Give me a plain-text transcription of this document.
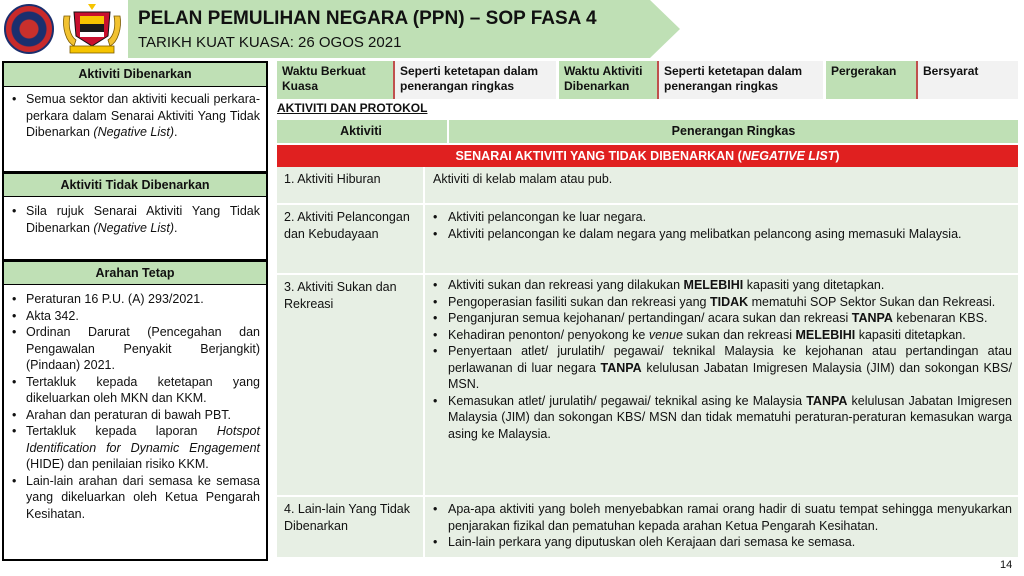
PELAN PEMULIHAN NEGARA (PPN) – SOP FASA 4
TARIKH KUAT KUASA: 26 OGOS 2021
Aktiviti Dibenarkan
• Semua sektor dan aktiviti kecuali perkara-perkara dalam Senarai Aktiviti Yang Tidak Dibenarkan (Negative List).
Aktiviti Tidak Dibenarkan
• Sila rujuk Senarai Aktiviti Yang Tidak Dibenarkan (Negative List).
Arahan Tetap
• Peraturan 16 P.U. (A) 293/2021.
• Akta 342.
• Ordinan Darurat (Pencegahan dan Pengawalan Penyakit Berjangkit) (Pindaan) 2021.
• Tertakluk kepada ketetapan yang dikeluarkan oleh MKN dan KKM.
• Arahan dan peraturan di bawah PBT.
• Tertakluk kepada laporan Hotspot Identification for Dynamic Engagement (HIDE) dan penilaian risiko KKM.
• Lain-lain arahan dari semasa ke semasa yang dikeluarkan oleh Ketua Pengarah Kesihatan.
Waktu Berkuat Kuasa
Seperti ketetapan dalam penerangan ringkas
Waktu Aktiviti Dibenarkan
Seperti ketetapan dalam penerangan ringkas
Pergerakan	Bersyarat
AKTIVITI DAN PROTOKOL
Aktiviti	Penerangan Ringkas
SENARAI AKTIVITI YANG TIDAK DIBENARKAN (NEGATIVE LIST)
1. Aktiviti Hiburan	Aktiviti di kelab malam atau pub.
2. Aktiviti Pelancongan dan Kebudayaan
• Aktiviti pelancongan ke luar negara.
• Aktiviti pelancongan ke dalam negara yang melibatkan pelancong asing memasuki Malaysia.
3. Aktiviti Sukan dan Rekreasi
• Aktiviti sukan dan rekreasi yang dilakukan MELEBIHI kapasiti yang ditetapkan.
• Pengoperasian fasiliti sukan dan rekreasi yang TIDAK mematuhi SOP Sektor Sukan dan Rekreasi.
• Penganjuran semua kejohanan/ pertandingan/ acara sukan dan rekreasi TANPA kebenaran KBS.
• Kehadiran penonton/ penyokong ke venue sukan dan rekreasi MELEBIHI kapasiti ditetapkan.
• Penyertaan atlet/ jurulatih/ pegawai/ teknikal Malaysia ke kejohanan atau pertandingan atau perlawanan di luar negara TANPA kelulusan Jabatan Imigresen Malaysia (JIM) dan sokongan KBS/ MSN.
• Kemasukan atlet/ jurulatih/ pegawai/ teknikal asing ke Malaysia TANPA kelulusan Jabatan Imigresen Malaysia (JIM) dan sokongan KBS/ MSN dan tidak mematuhi peraturan-peraturan kemasukan warga asing ke Malaysia.
4. Lain-lain Yang Tidak Dibenarkan
• Apa-apa aktiviti yang boleh menyebabkan ramai orang hadir di suatu tempat sehingga menyukarkan penjarakan fizikal dan pematuhan kepada arahan Ketua Pengarah Kesihatan.
• Lain-lain perkara yang diputuskan oleh Kerajaan dari semasa ke semasa.
14
